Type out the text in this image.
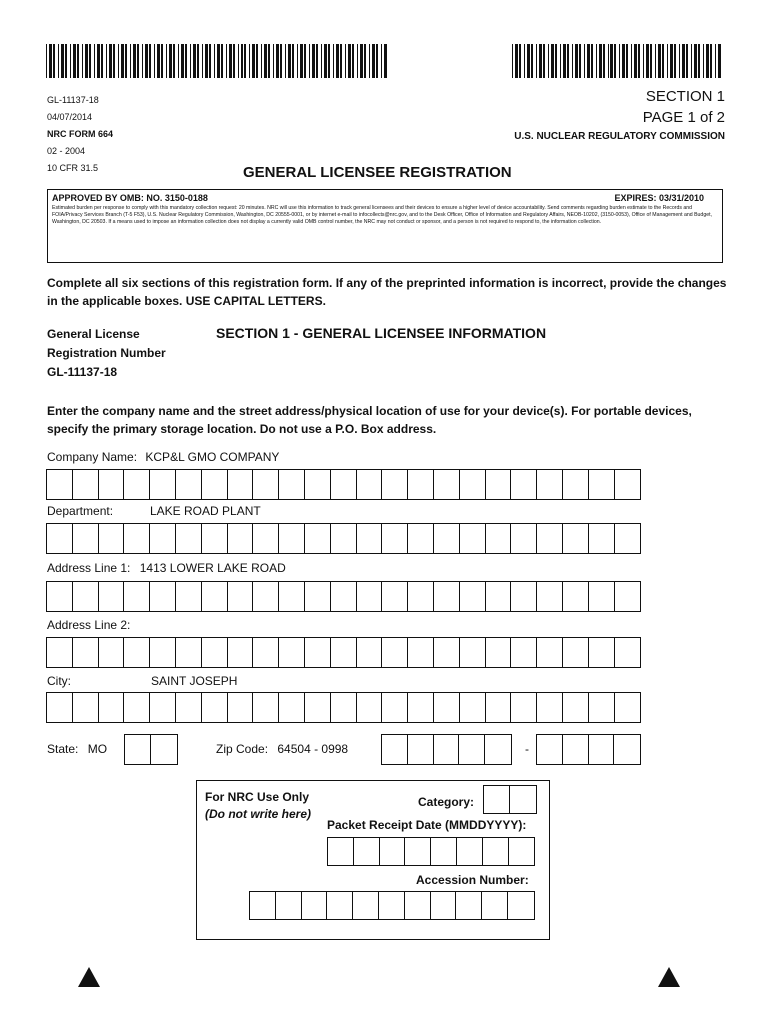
GL-11137-18
04/07/2014
NRC FORM 664
02 - 2004
10 CFR 31.5
SECTION 1
PAGE 1 of 2
U.S. NUCLEAR REGULATORY COMMISSION
GENERAL LICENSEE REGISTRATION
APPROVED BY OMB: NO. 3150-0188	EXPIRES: 03/31/2010
Estimated burden per response to comply with this mandatory collection request: 20 minutes. NRC will use this information to track general licensees and their devices to ensure a higher level of device accountability. Send comments regarding burden estimate to the Records and FOIA/Privacy Services Branch (T-5 F53), U.S. Nuclear Regulatory Commission, Washington, DC 20555-0001, or by internet e-mail to infocollects@nrc.gov, and to the Desk Officer, Office of Information and Regulatory Affairs, NEOB-10202, (3150-0053), Office of Management and Budget, Washington, DC 20503. If a means used to impose an information collection does not display a currently valid OMB control number, the NRC may not conduct or sponsor, and a person is not required to respond to, the information collection.
Complete all six sections of this registration form. If any of the preprinted information is incorrect, provide the changes in the applicable boxes. USE CAPITAL LETTERS.
General License
Registration Number
GL-11137-18
SECTION 1 - GENERAL LICENSEE INFORMATION
Enter the company name and the street address/physical location of use for your device(s). For portable devices, specify the primary storage location. Do not use a P.O. Box address.
Company Name: KCP&L GMO COMPANY
Department:	LAKE ROAD PLANT
Address Line 1: 1413 LOWER LAKE ROAD
Address Line 2:
City:	SAINT JOSEPH
State: MO	Zip Code: 64504 - 0998	-
For NRC Use Only
(Do not write here)
Category:
Packet Receipt Date (MMDDYYYY):
Accession Number:
